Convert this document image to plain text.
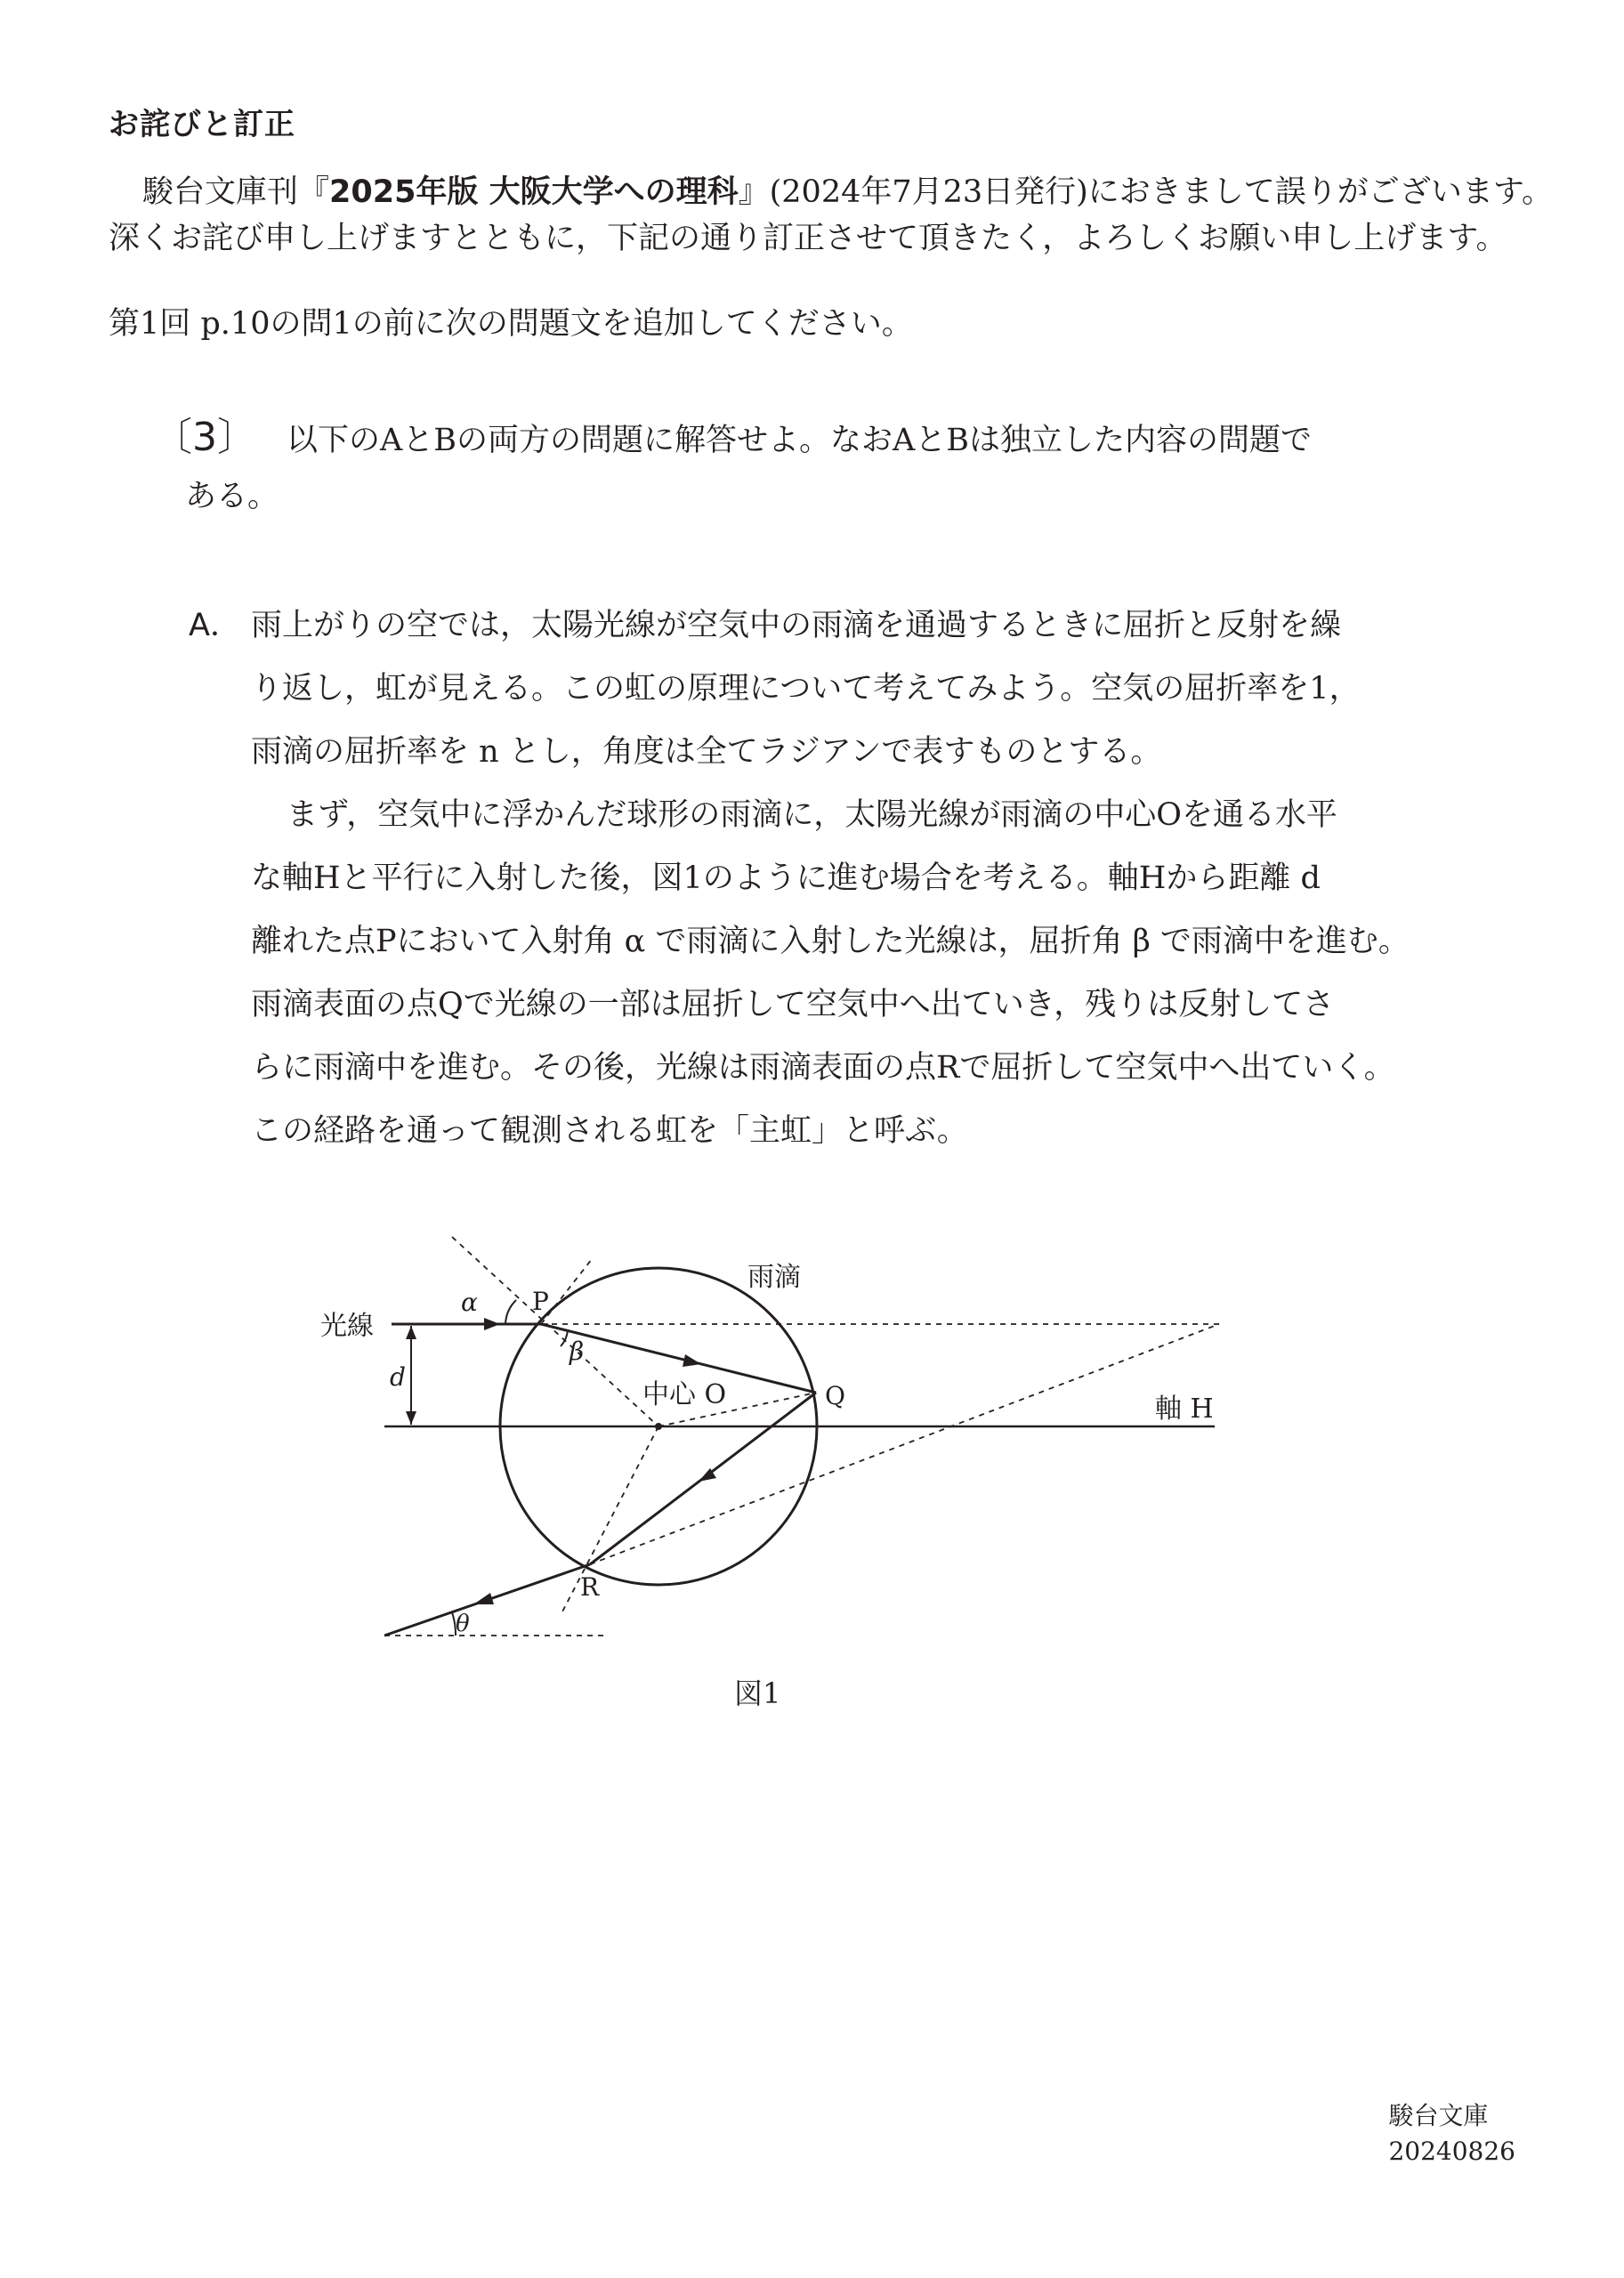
お詫びと訂正

駿台文庫刊『2025年版 大阪大学への理科』(2024年7月23日発行)におきまして誤りがございます。

深くお詫び申し上げますとともに，下記の通り訂正させて頂きたく，よろしくお願い申し上げます。

第1回 p.10の問1の前に次の問題文を追加してください。
〔3〕 以下のAとBの両方の問題に解答せよ。なおAとBは独立した内容の問題で
ある。

A． 雨上がりの空では，太陽光線が空気中の雨滴を通過するときに屈折と反射を繰

り返し，虹が見える。この虹の原理について考えてみよう。空気の屈折率を1，

雨滴の屈折率を n とし，角度は全てラジアンで表すものとする。

まず，空気中に浮かんだ球形の雨滴に，太陽光線が雨滴の中心Oを通る水平

な軸Hと平行に入射した後，図1のように進む場合を考える。軸Hから距離 d

離れた点Pにおいて入射角 α で雨滴に入射した光線は，屈折角 β で雨滴中を進む。

雨滴表面の点Qで光線の一部は屈折して空気中へ出ていき，残りは反射してさ

らに雨滴中を進む。その後，光線は雨滴表面の点Rで屈折して空気中へ出ていく。

この経路を通って観測される虹を「主虹」と呼ぶ。

光線
雨滴
中心 O	軸 H
P
Q
R
d
α
β
θ
図1
駿台文庫
20240826
